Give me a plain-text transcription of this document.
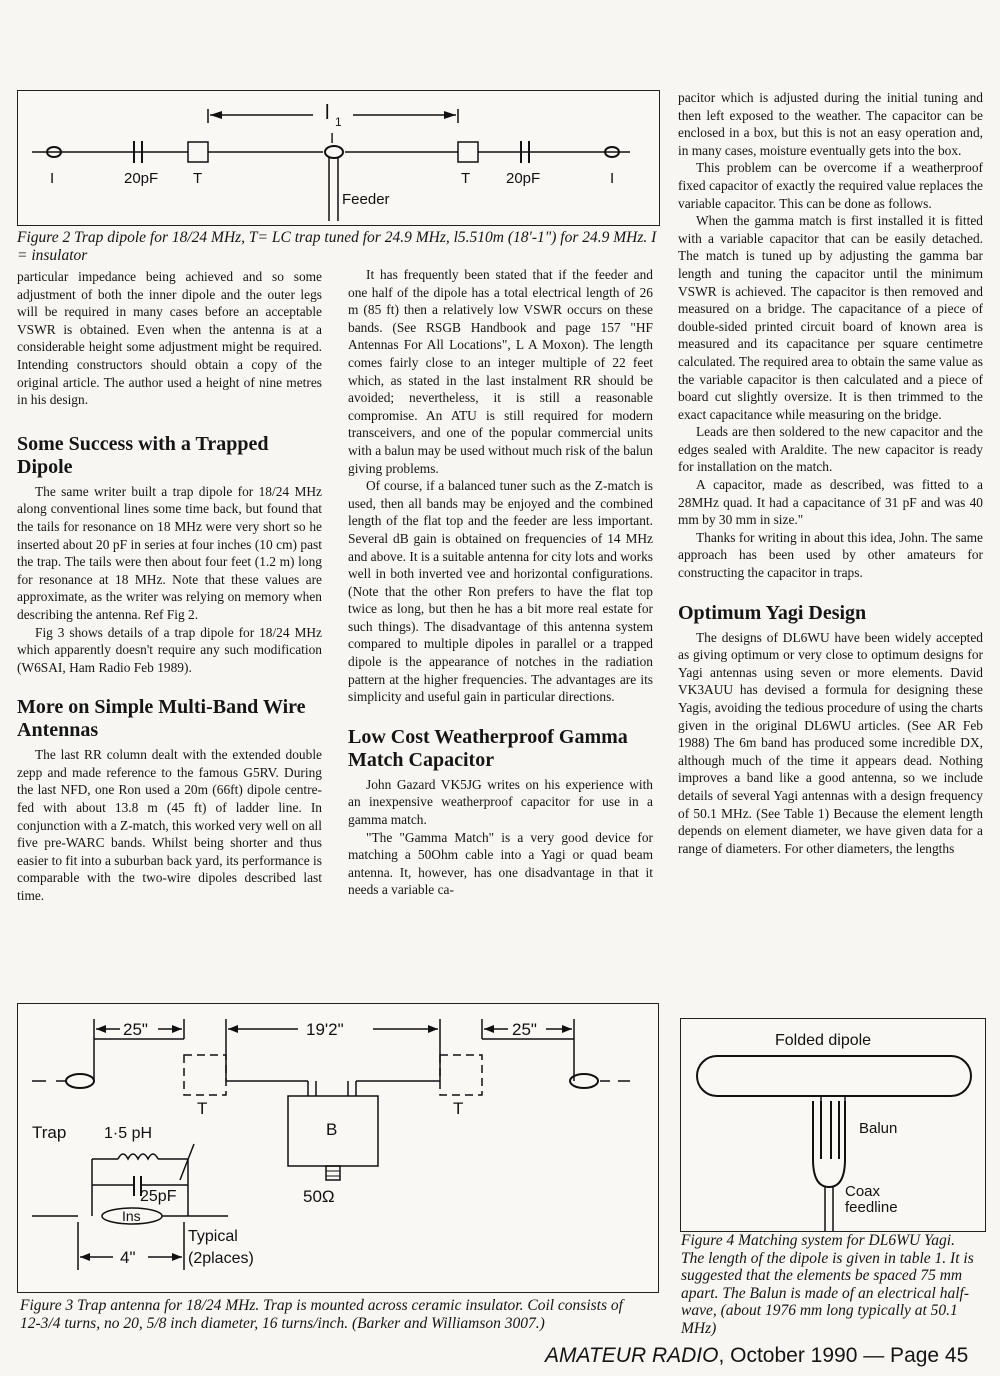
l 1
I
Feeder
I	I
20pF	20pF
T	T
Figure 2 Trap dipole for 18/24 MHz, T= LC trap tuned for 24.9 MHz, l5.510m (18'-1") for 24.9 MHz. I = insulator

particular impedance being achieved and so some adjustment of both the inner dipole and the outer legs will be required in many cases before an acceptable VSWR is obtained. Even when the antenna is at a considerable height some adjustment might be required. Intending constructors should obtain a copy of the original article. The author used a height of nine metres in his design.

Some Success with a Trapped Dipole

The same writer built a trap dipole for 18/24 MHz along conventional lines some time back, but found that the tails for resonance on 18 MHz were very short so he inserted about 20 pF in series at four inches (10 cm) past the trap. The tails were then about four feet (1.2 m) long for resonance at 18 MHz. Note that these values are approximate, as the writer was relying on memory when describing the antenna. Ref Fig 2.

Fig 3 shows details of a trap dipole for 18/24 MHz which apparently doesn't require any such modification (W6SAI, Ham Radio Feb 1989).

More on Simple Multi-Band Wire Antennas

The last RR column dealt with the extended double zepp and made reference to the famous G5RV. During the last NFD, one Ron used a 20m (66ft) dipole centre-fed with about 13.8 m (45 ft) of ladder line. In conjunction with a Z-match, this worked very well on all five pre-WARC bands. Whilst being shorter and thus easier to fit into a suburban back yard, its performance is comparable with the two-wire dipoles described last time.

It has frequently been stated that if the feeder and one half of the dipole has a total electrical length of 26 m (85 ft) then a relatively low VSWR occurs on these bands. (See RSGB Handbook and page 157 "HF Antennas For All Locations", L A Moxon). The length comes fairly close to an integer multiple of 22 feet which, as stated in the last instalment RR should be avoided; nevertheless, it is still a reasonable compromise. An ATU is still required for modern transceivers, and one of the popular commercial units with a balun may be used without much risk of the balun giving problems.

Of course, if a balanced tuner such as the Z-match is used, then all bands may be enjoyed and the combined length of the flat top and the feeder are less important. Several dB gain is obtained on frequencies of 14 MHz and above. It is a suitable antenna for city lots and works well in both inverted vee and horizontal configurations. (Note that the other Ron prefers to have the flat top twice as long, but then he has a bit more real estate for such things). The disadvantage of this antenna system compared to multiple dipoles in parallel or a trapped dipole is the appearance of notches in the radiation pattern at the higher frequencies. The advantages are its simplicity and useful gain in particular directions.

Low Cost Weatherproof Gamma Match Capacitor

John Gazard VK5JG writes on his experience with an inexpensive weatherproof capacitor for use in a gamma match.

"The "Gamma Match" is a very good device for matching a 50Ohm cable into a Yagi or quad beam antenna. It, however, has one disadvantage in that it needs a variable ca-

pacitor which is adjusted during the initial tuning and then left exposed to the weather. The capacitor can be enclosed in a box, but this is not an easy operation and, in many cases, moisture eventually gets into the box.

This problem can be overcome if a weatherproof fixed capacitor of exactly the required value replaces the variable capacitor. This can be done as follows.

When the gamma match is first installed it is fitted with a variable capacitor that can be easily detached. The match is tuned up by adjusting the gamma bar length and tuning the capacitor until the minimum VSWR is achieved. The capacitor is then removed and measured on a bridge. The capacitance of a piece of double-sided printed circuit board of known area is measured and its capacitance per square centimetre calculated. The required area to obtain the same value as the variable capacitor is then calculated and a piece of board cut slightly oversize. It is then trimmed to the exact capacitance while measuring on the bridge.

Leads are then soldered to the new capacitor and the edges sealed with Araldite. The new capacitor is ready for installation on the match.

A capacitor, made as described, was fitted to a 28MHz quad. It had a capacitance of 31 pF and was 40 mm by 30 mm in size."

Thanks for writing in about this idea, John. The same approach has been used by other amateurs for constructing the capacitor in traps.

Optimum Yagi Design

The designs of DL6WU have been widely accepted as giving optimum or very close to optimum designs for Yagi antennas using seven or more elements. David VK3AUU has devised a formula for designing these Yagis, avoiding the tedious procedure of using the charts given in the original DL6WU articles. (See AR Feb 1988) The 6m band has produced some incredible DX, although much of the time it appears dead. Nothing improves a band like a good antenna, so we include details of several Yagi antennas with a design frequency of 50.1 MHz. (See Table 1) Because the element length depends on element diameter, we have given data for a range of diameters. For other diameters, the lengths

25"	19'2"	25"
T	T
B
50Ω
Trap 1·5 pH
25pF
Ins
4"
Typical
(2places)
Figure 3 Trap antenna for 18/24 MHz. Trap is mounted across ceramic insulator. Coil consists of 12-3/4 turns, no 20, 5/8 inch diameter, 16 turns/inch. (Barker and Williamson 3007.)
Folded dipole
Balun
Coax
feedline
Figure 4 Matching system for DL6WU Yagi. The length of the dipole is given in table 1. It is suggested that the elements be spaced 75 mm apart. The Balun is made of an electrical half-wave, (about 1976 mm long typically at 50.1 MHz)
AMATEUR RADIO, October 1990 — Page 45
